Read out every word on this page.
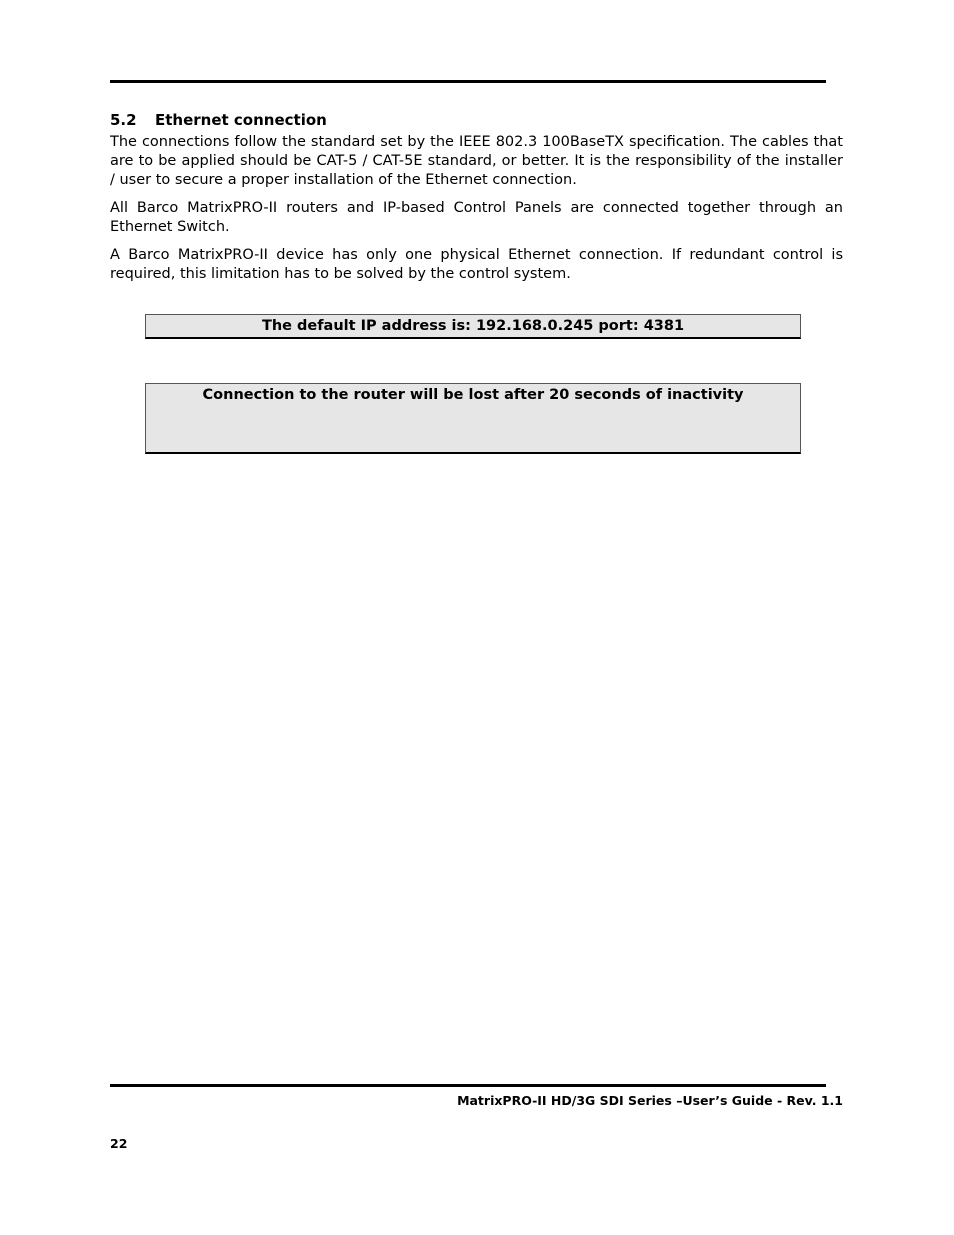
5.2 Ethernet connection

The connections follow the standard set by the IEEE 802.3 100BaseTX specification. The cables that are to be applied should be CAT-5 / CAT-5E standard, or better. It is the responsibility of the installer / user to secure a proper installation of the Ethernet connection.

All Barco MatrixPRO-II routers and IP-based Control Panels are connected together through an Ethernet Switch.

A Barco MatrixPRO-II device has only one physical Ethernet connection. If redundant control is required, this limitation has to be solved by the control system.

The default IP address is: 192.168.0.245 port: 4381
Connection to the router will be lost after 20 seconds of inactivity
MatrixPRO-II HD/3G SDI Series –User’s Guide - Rev. 1.1
22
